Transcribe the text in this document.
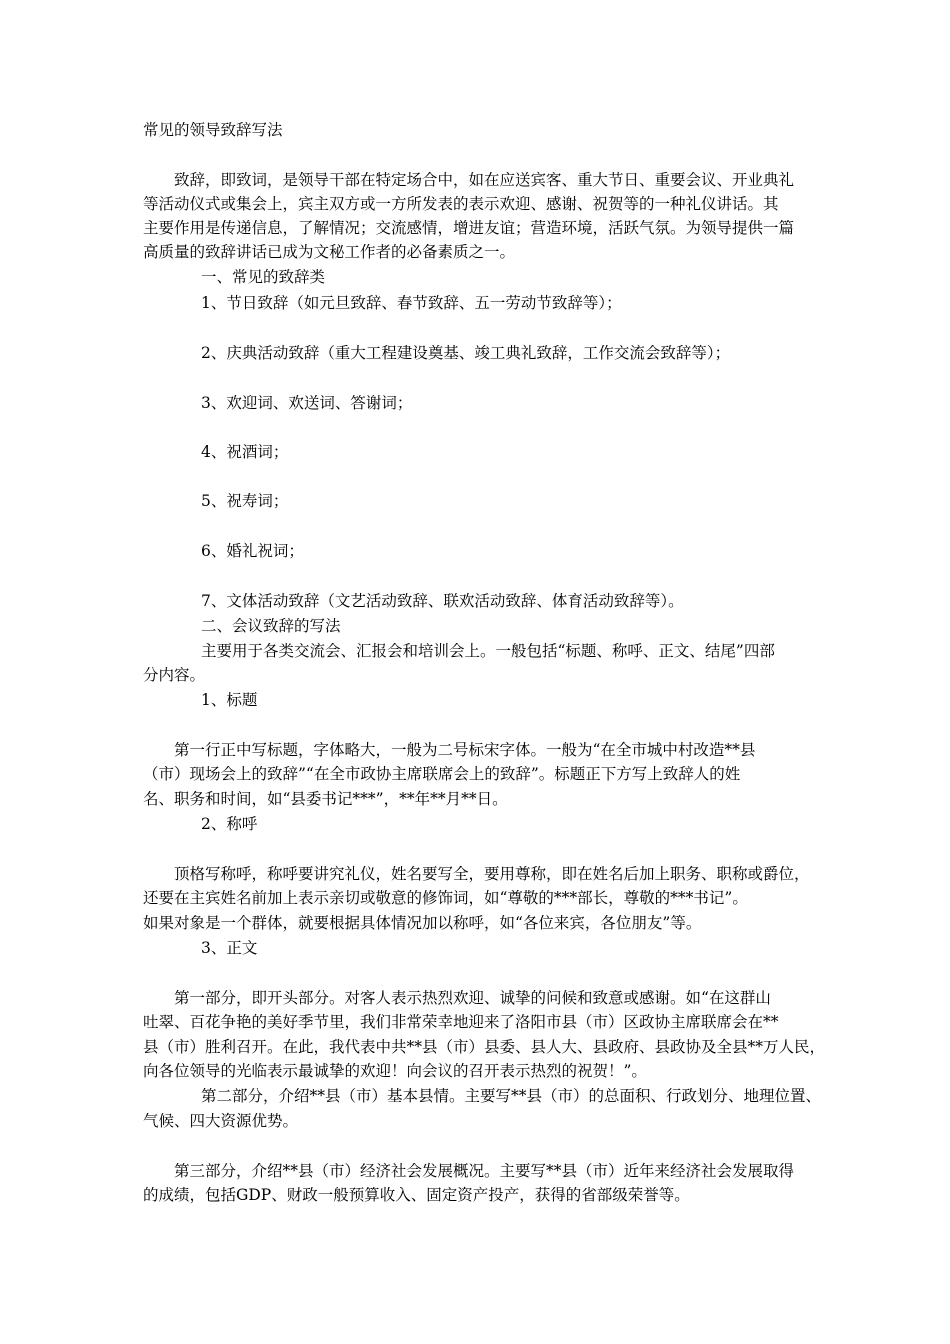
常见的领导致辞写法

致辞，即致词，是领导干部在特定场合中，如在应送宾客、重大节日、重要会议、开业典礼

等活动仪式或集会上，宾主双方或一方所发表的表示欢迎、感谢、祝贺等的一种礼仪讲话。其

主要作用是传递信息，了解情况；交流感情，增进友谊；营造环境，活跃气氛。为领导提供一篇

高质量的致辞讲话已成为文秘工作者的必备素质之一。

一、常见的致辞类

1、节日致辞（如元旦致辞、春节致辞、五一劳动节致辞等）；

2、庆典活动致辞（重大工程建设奠基、竣工典礼致辞，工作交流会致辞等）；

3、欢迎词、欢送词、答谢词；

4、祝酒词；

5、祝寿词；

6、婚礼祝词；

7、文体活动致辞（文艺活动致辞、联欢活动致辞、体育活动致辞等）。

二、会议致辞的写法

主要用于各类交流会、汇报会和培训会上。一般包括“标题、称呼、正文、结尾”四部

分内容。

1、标题

第一行正中写标题，字体略大，一般为二号标宋字体。一般为“在全市城中村改造**县

（市）现场会上的致辞”“在全市政协主席联席会上的致辞”。标题正下方写上致辞人的姓

名、职务和时间，如“县委书记***”，**年**月**日。

2、称呼

顶格写称呼，称呼要讲究礼仪，姓名要写全，要用尊称，即在姓名后加上职务、职称或爵位，

还要在主宾姓名前加上表示亲切或敬意的修饰词，如“尊敬的***部长，尊敬的***书记”。

如果对象是一个群体，就要根据具体情况加以称呼，如“各位来宾，各位朋友”等。

3、正文

第一部分，即开头部分。对客人表示热烈欢迎、诚挚的问候和致意或感谢。如“在这群山

吐翠、百花争艳的美好季节里，我们非常荣幸地迎来了洛阳市县（市）区政协主席联席会在**

县（市）胜利召开。在此，我代表中共**县（市）县委、县人大、县政府、县政协及全县**万人民，

向各位领导的光临表示最诚挚的欢迎！向会议的召开表示热烈的祝贺！”。

第二部分，介绍**县（市）基本县情。主要写**县（市）的总面积、行政划分、地理位置、

气候、四大资源优势。

第三部分，介绍**县（市）经济社会发展概况。主要写**县（市）近年来经济社会发展取得

的成绩，包括GDP、财政一般预算收入、固定资产投产，获得的省部级荣誉等。
